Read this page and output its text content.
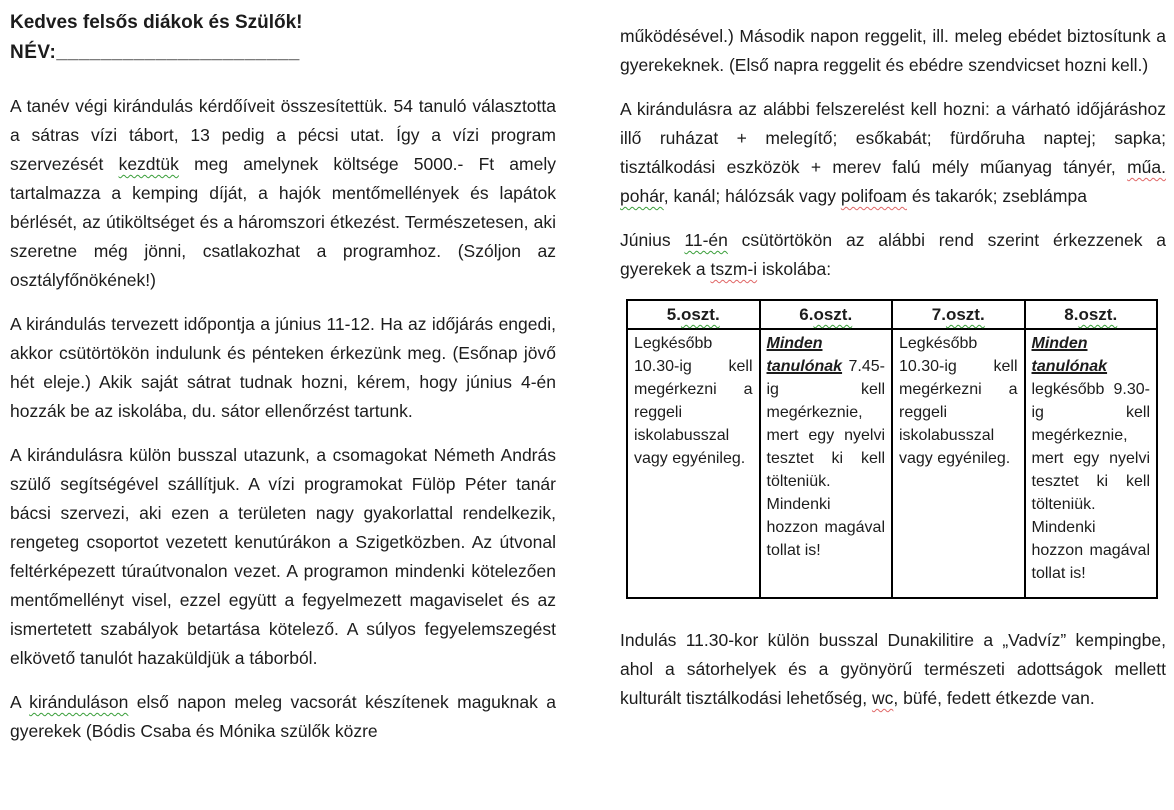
Kedves felsős diákok és Szülők!

NÉV:______________________

A tanév végi kirándulás kérdőíveit összesítettük. 54 tanuló választotta a sátras vízi tábort, 13 pedig a pécsi utat. Így a vízi program szervezését kezdtük meg amelynek költsége 5000.- Ft amely tartalmazza a kemping díját, a hajók mentőmellények és lapátok bérlését, az útiköltséget és a háromszori étkezést. Természetesen, aki szeretne még jönni, csatlakozhat a programhoz. (Szóljon az osztályfőnökének!)

A kirándulás tervezett időpontja a június 11-12. Ha az időjárás engedi, akkor csütörtökön indulunk és pénteken érkezünk meg. (Esőnap jövő hét eleje.) Akik saját sátrat tudnak hozni, kérem, hogy június 4-én hozzák be az iskolába, du. sátor ellenőrzést tartunk.

A kirándulásra külön busszal utazunk, a csomagokat Németh András szülő segítségével szállítjuk. A vízi programokat Fülöp Péter tanár bácsi szervezi, aki ezen a területen nagy gyakorlattal rendelkezik, rengeteg csoportot vezetett kenutúrákon a Szigetközben. Az útvonal feltérképezett túraútvonalon vezet. A programon mindenki kötelezően mentőmellényt visel, ezzel együtt a fegyelmezett magaviselet és az ismertetett szabályok betartása kötelező. A súlyos fegyelemszegést elkövető tanulót hazaküldjük a táborból.

A kiránduláson első napon meleg vacsorát készítenek maguknak a gyerekek (Bódis Csaba és Mónika szülők közre

működésével.) Második napon reggelit, ill. meleg ebédet biztosítunk a gyerekeknek. (Első napra reggelit és ebédre szendvicset hozni kell.)

A kirándulásra az alábbi felszerelést kell hozni: a várható időjáráshoz illő ruházat + melegítő; esőkabát; fürdőruha naptej; sapka; tisztálkodási eszközök + merev falú mély műanyag tányér, műa. pohár, kanál; hálózsák vagy polifoam és takarók; zseblámpa

Június 11-én csütörtökön az alábbi rend szerint érkezzenek a gyerekek a tszm-i iskolába:

5.oszt.	6.oszt.	7.oszt.	8.oszt.
Legkésőbb 10.30-ig kell megérkezni a reggeli iskolabusszal vagy egyénileg.	Minden tanulónak 7.45-ig kell megérkeznie, mert egy nyelvi tesztet ki kell tölteniük. Mindenki hozzon magával tollat is!	Legkésőbb 10.30-ig kell megérkezni a reggeli iskolabusszal vagy egyénileg.	Minden tanulónak legkésőbb 9.30-ig kell megérkeznie, mert egy nyelvi tesztet ki kell tölteniük. Mindenki hozzon magával tollat is!

Indulás 11.30-kor külön busszal Dunakilitire a „Vadvíz” kempingbe, ahol a sátorhelyek és a gyönyörű természeti adottságok mellett kulturált tisztálkodási lehetőség, wc, büfé, fedett étkezde van.
